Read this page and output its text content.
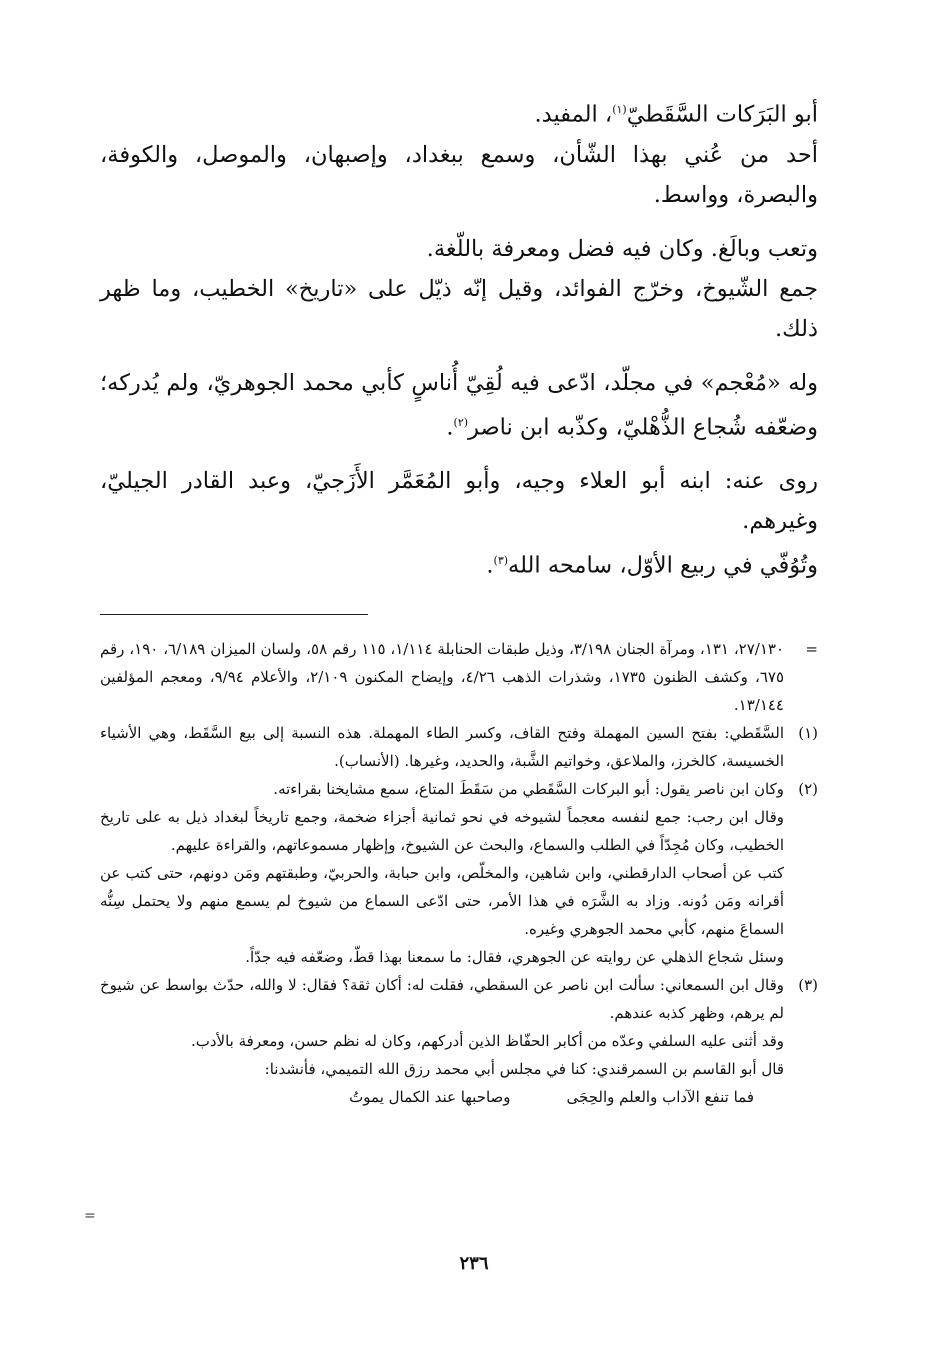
أبو البَرَكات السَّقَطيّ$^{(١)}$، المفيد.

أحد من عُني بهذا الشّأن، وسمع ببغداد، وإصبهان، والموصل، والكوفة، والبصرة، وواسط.

وتعب وبالَغ. وكان فيه فضل ومعرفة باللّغة.

جمع الشّيوخ، وخرّج الفوائد، وقيل إنّه ذيّل على «تاريخ» الخطيب، وما ظهر ذلك.

وله «مُعْجم» في مجلّد، ادّعى فيه لُقِيّ أُناسٍ كأبي محمد الجوهريّ، ولم يُدركه؛ وضعّفه شُجاع الذُّهْليّ، وكذّبه ابن ناصر$^{(٢)}$.

روى عنه: ابنه أبو العلاء وجيه، وأبو المُعَمَّر الأَزَجيّ، وعبد القادر الجيليّ، وغيرهم.

وتُوُفّي في ربيع الأوّل، سامحه الله$^{(٣)}$.

=

٢٧/١٣٠، ١٣١، ومرآة الجنان ٣/١٩٨، وذيل طبقات الحنابلة ١/١١٤، ١١٥ رقم ٥٨، ولسان الميزان ٦/١٨٩، ١٩٠، رقم ٦٧٥، وكشف الظنون ١٧٣٥، وشذرات الذهب ٤/٢٦، وإيضاح المكنون ٢/١٠٩، والأعلام ٩/٩٤، ومعجم المؤلفين ١٣/١٤٤.

(١)

السَّقَطي: بفتح السين المهملة وفتح القاف، وكسر الطاء المهملة. هذه النسبة إلى بيع السَّقَط، وهي الأشياء الخسيسة، كالخرز، والملاعق، وخواتيم الشَّبة، والحديد، وغيرها. (الأنساب).

(٢)

وكان ابن ناصر يقول: أبو البركات السَّقَطي من سَقَطَ المتاع، سمع مشايخنا بقراءته.

وقال ابن رجب: جمع لنفسه معجماً لشيوخه في نحو ثمانية أجزاء ضخمة، وجمع تاريخاً لبغداد ذيل به على تاريخ الخطيب، وكان مُجِدّاً في الطلب والسماع، والبحث عن الشيوخ، وإظهار مسموعاتهم، والقراءة عليهم.

كتب عن أصحاب الدارقطني، وابن شاهين، والمخلّص، وابن حبابة، والحربيّ، وطبقتهم ومَن دونهم، حتى كتب عن أقرانه ومَن دُونه. وزاد به الشَّرَه في هذا الأمر، حتى ادّعى السماع من شيوخ لم يسمع منهم ولا يحتمل سِنُّه السماعَ منهم، كأبي محمد الجوهري وغيره.

وسئل شجاع الذهلي عن روايته عن الجوهري، فقال: ما سمعنا بهذا قطّ، وضعّفه فيه جدّاً.

(٣)

وقال ابن السمعاني: سألت ابن ناصر عن السقطي، فقلت له: أكان ثقة؟ فقال: لا والله، حدّث بواسط عن شيوخ لم يرهم، وظهر كذبه عندهم.

وقد أثنى عليه السلفي وعدّه من أكابر الحفّاظ الذين أدركهم، وكان له نظم حسن، ومعرفة بالأدب.

قال أبو القاسم بن السمرقندي: كنا في مجلس أبي محمد رزق الله التميمي، فأنشدنا:

فما تنفع الآداب والعلم والحِجَى
وصاحبها عند الكمال يموتُ
=
٢٣٦
